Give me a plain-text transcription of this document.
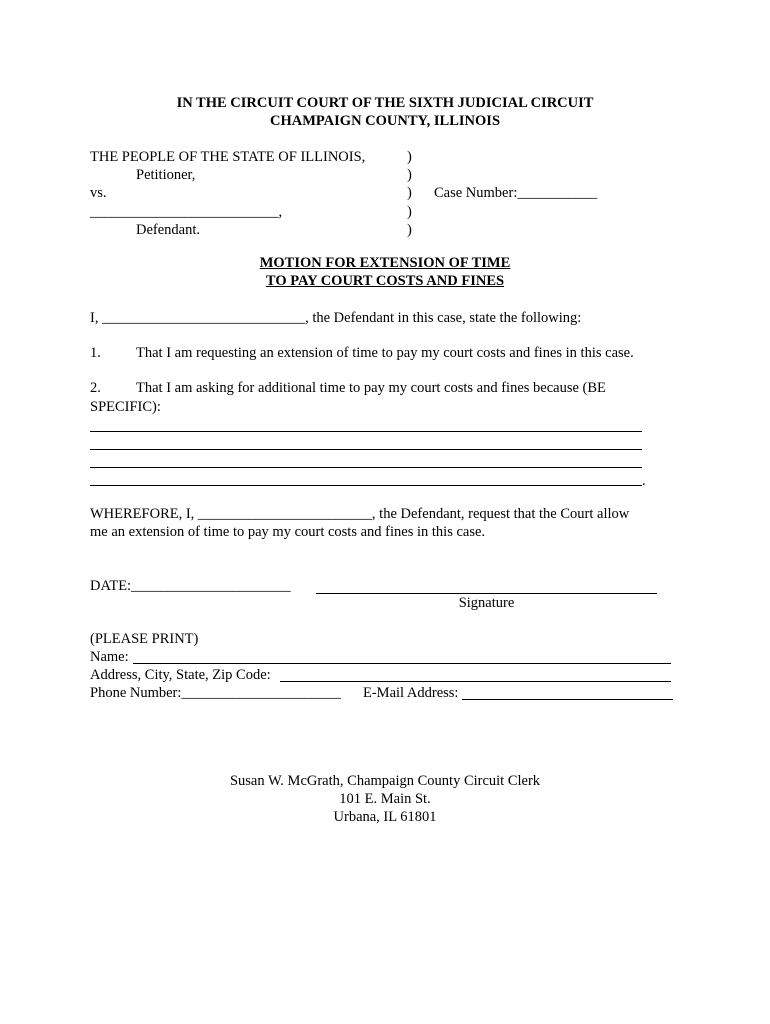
IN THE CIRCUIT COURT OF THE SIXTH JUDICIAL CIRCUIT
CHAMPAIGN COUNTY, ILLINOIS
THE PEOPLE OF THE STATE OF ILLINOIS,
Petitioner,
vs.
__________________________,
Defendant.
)
)
)
)
)
Case Number:___________
MOTION FOR EXTENSION OF TIME
TO PAY COURT COSTS AND FINES
I, ____________________________, the Defendant in this case, state the following:
1. That I am requesting an extension of time to pay my court costs and fines in this case.
2. That I am asking for additional time to pay my court costs and fines because (BE
SPECIFIC):
.
WHEREFORE, I, ________________________, the Defendant, request that the Court allow
me an extension of time to pay my court costs and fines in this case.
DATE:______________________
Signature
(PLEASE PRINT)
Name:
Address, City, State, Zip Code:
Phone Number:______________________ E-Mail Address:
Susan W. McGrath, Champaign County Circuit Clerk
101 E. Main St.
Urbana, IL 61801
